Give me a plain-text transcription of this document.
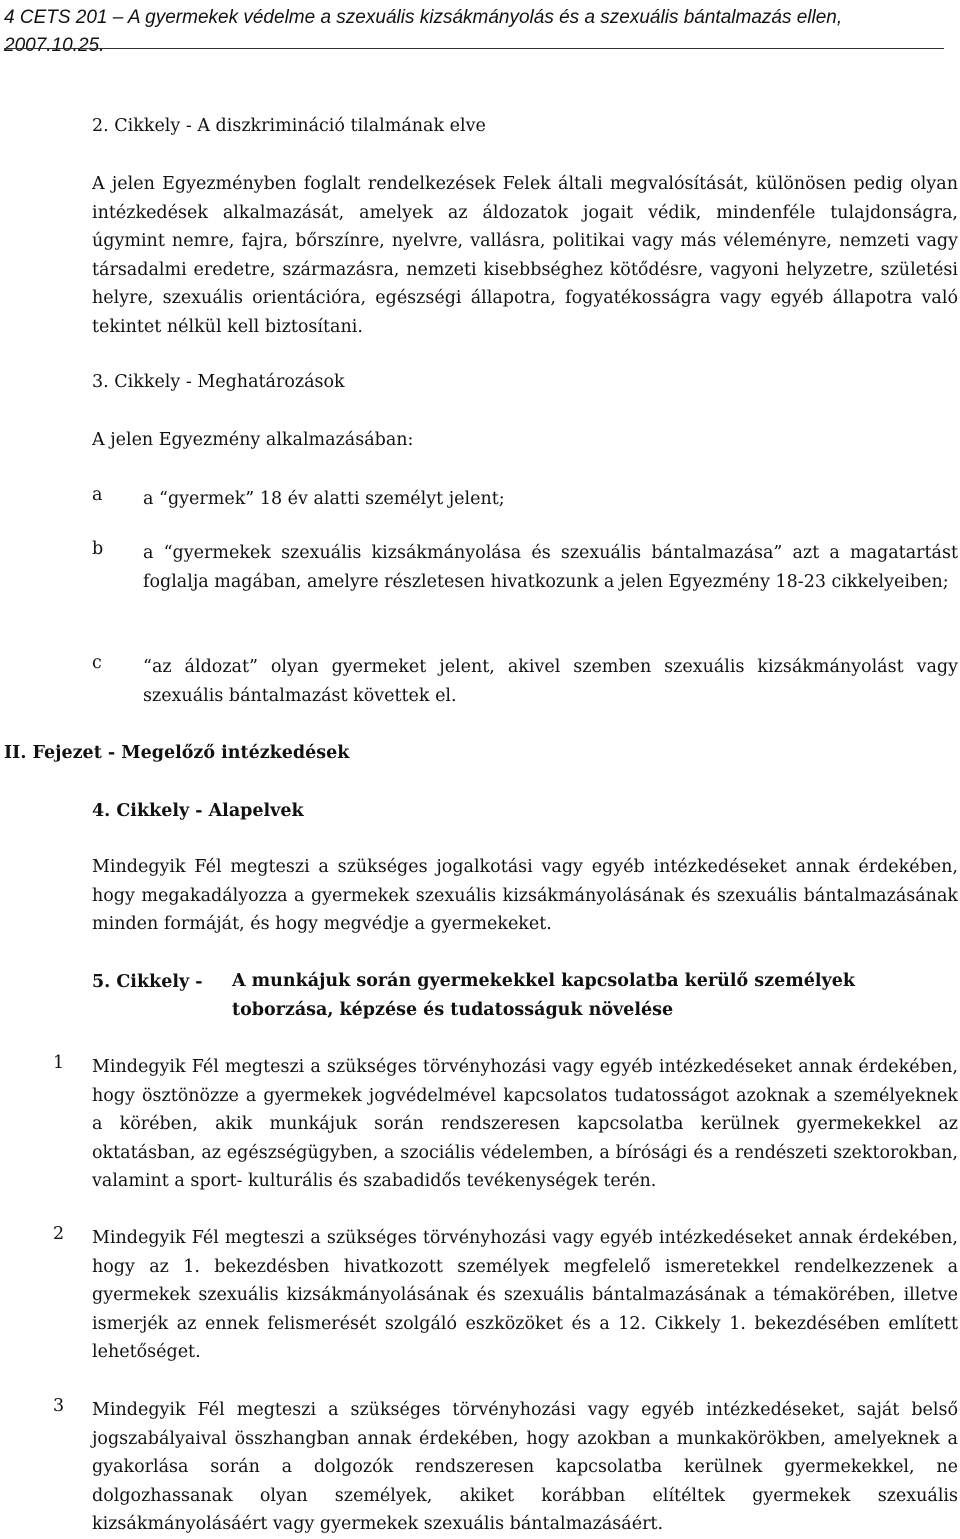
4 CETS 201 – A gyermekek védelme a szexuális kizsákmányolás és a szexuális bántalmazás ellen, 2007.10.25.
2. Cikkely - A diszkrimináció tilalmának elve

A jelen Egyezményben foglalt rendelkezések Felek általi megvalósítását, különösen pedig olyan intézkedések alkalmazását, amelyek az áldozatok jogait védik, mindenféle tulajdonságra, úgymint nemre, fajra, bőrszínre, nyelvre, vallásra, politikai vagy más véleményre, nemzeti vagy társadalmi eredetre, származásra, nemzeti kisebbséghez kötődésre, vagyoni helyzetre, születési helyre, szexuális orientációra, egészségi állapotra, fogyatékosságra vagy egyéb állapotra való tekintet nélkül kell biztosítani.

3. Cikkely - Meghatározások
A jelen Egyezmény alkalmazásában:
a a “gyermek” 18 év alatti személyt jelent;
b a “gyermekek szexuális kizsákmányolása és szexuális bántalmazása” azt a magatartást foglalja magában, amelyre részletesen hivatkozunk a jelen Egyezmény 18-23 cikkelyeiben;
c “az áldozat” olyan gyermeket jelent, akivel szemben szexuális kizsákmányolást vagy szexuális bántalmazást követtek el.
II. Fejezet - Megelőző intézkedések
4. Cikkely - Alapelvek

Mindegyik Fél megteszi a szükséges jogalkotási vagy egyéb intézkedéseket annak érdekében, hogy megakadályozza a gyermekek szexuális kizsákmányolásának és szexuális bántalmazásának minden formáját, és hogy megvédje a gyermekeket.

5. Cikkely - A munkájuk során gyermekekkel kapcsolatba kerülő személyek toborzása, képzése és tudatosságuk növelése
1 Mindegyik Fél megteszi a szükséges törvényhozási vagy egyéb intézkedéseket annak érdekében, hogy ösztönözze a gyermekek jogvédelmével kapcsolatos tudatosságot azoknak a személyeknek a körében, akik munkájuk során rendszeresen kapcsolatba kerülnek gyermekekkel az oktatásban, az egészségügyben, a szociális védelemben, a bírósági és a rendészeti szektorokban, valamint a sport- kulturális és szabadidős tevékenységek terén.
2 Mindegyik Fél megteszi a szükséges törvényhozási vagy egyéb intézkedéseket annak érdekében, hogy az 1. bekezdésben hivatkozott személyek megfelelő ismeretekkel rendelkezzenek a gyermekek szexuális kizsákmányolásának és szexuális bántalmazásának a témakörében, illetve ismerjék az ennek felismerését szolgáló eszközöket és a 12. Cikkely 1. bekezdésében említett lehetőséget.
3 Mindegyik Fél megteszi a szükséges törvényhozási vagy egyéb intézkedéseket, saját belső jogszabályaival összhangban annak érdekében, hogy azokban a munkakörökben, amelyeknek a gyakorlása során a dolgozók rendszeresen kapcsolatba kerülnek gyermekekkel, ne dolgozhassanak olyan személyek, akiket korábban elítéltek gyermekek szexuális kizsákmányolásáért vagy gyermekek szexuális bántalmazásáért.
